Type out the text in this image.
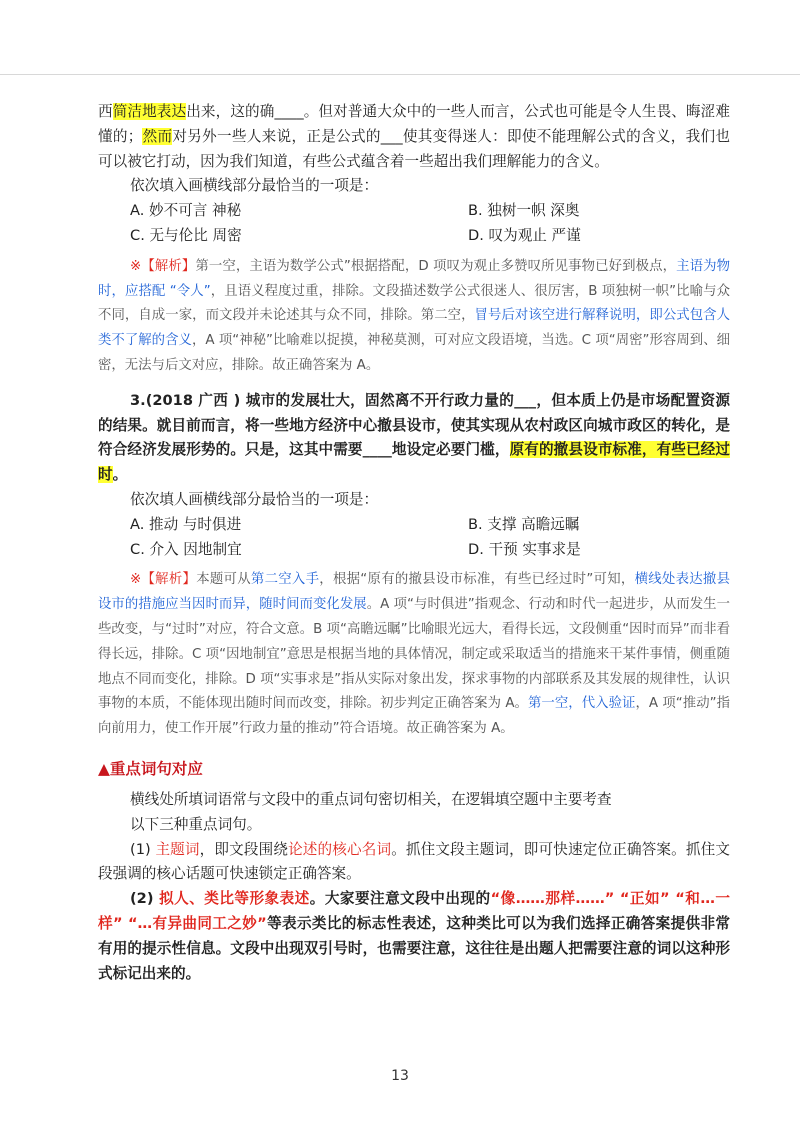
西简洁地表达出来，这的确____。但对普通大众中的一些人而言，公式也可能是令人生畏、晦涩难懂的；然而对另外一些人来说，正是公式的___使其变得迷人：即使不能理解公式的含义，我们也可以被它打动，因为我们知道，有些公式蕴含着一些超出我们理解能力的含义。

依次填入画横线部分最恰当的一项是：

A. 妙不可言 神秘	B. 独树一帜 深奥
C. 无与伦比 周密	D. 叹为观止 严谨

※【解析】第一空，主语为数学公式”根据搭配，D 项叹为观止多赞叹所见事物已好到极点，主语为物时，应搭配 “令人”，且语义程度过重，排除。文段描述数学公式很迷人、很厉害，B 项独树一帜”比喻与众不同，自成一家，而文段并未论述其与众不同，排除。第二空，冒号后对该空进行解释说明，即公式包含人类不了解的含义，A 项“神秘”比喻难以捉摸，神秘莫测，可对应文段语境，当选。C 项“周密”形容周到、细密，无法与后文对应，排除。故正确答案为 A。

3.(2018 广西 ) 城市的发展壮大，固然离不开行政力量的___，但本质上仍是市场配置资源的结果。就目前而言，将一些地方经济中心撤县设市，使其实现从农村政区向城市政区的转化，是符合经济发展形势的。只是，这其中需要____地设定必要门槛，原有的撤县设市标准，有些已经过时。

依次填人画横线部分最恰当的一项是：

A. 推动 与时俱进	B. 支撑 高瞻远瞩
C. 介入 因地制宜	D. 干预 实事求是

※【解析】本题可从第二空入手，根据“原有的撤县设市标准，有些已经过时”可知，横线处表达撤县设市的措施应当因时而异，随时间而变化发展。A 项“与时俱进”指观念、行动和时代一起进步，从而发生一些改变，与“过时”对应，符合文意。B 项“高瞻远瞩”比喻眼光远大，看得长远，文段侧重“因时而异”而非看得长远，排除。C 项“因地制宜”意思是根据当地的具体情况，制定或采取适当的措施来干某件事情，侧重随地点不同而变化，排除。D 项“实事求是”指从实际对象出发，探求事物的内部联系及其发展的规律性，认识事物的本质，不能体现出随时间而改变，排除。初步判定正确答案为 A。第一空，代入验证，A 项“推动”指向前用力，使工作开展”行政力量的推动”符合语境。故正确答案为 A。

▲重点词句对应

横线处所填词语常与文段中的重点词句密切相关，在逻辑填空题中主要考查

以下三种重点词句。

(1) 主题词，即文段围绕论述的核心名词。抓住文段主题词，即可快速定位正确答案。抓住文段强调的核心话题可快速锁定正确答案。

(2) 拟人、类比等形象表述。大家要注意文段中出现的“像……那样……” “正如” “和…一样” “…有异曲同工之妙”等表示类比的标志性表述，这种类比可以为我们选择正确答案提供非常有用的提示性信息。文段中出现双引号时，也需要注意，这往往是出题人把需要注意的词以这种形式标记出来的。

13
